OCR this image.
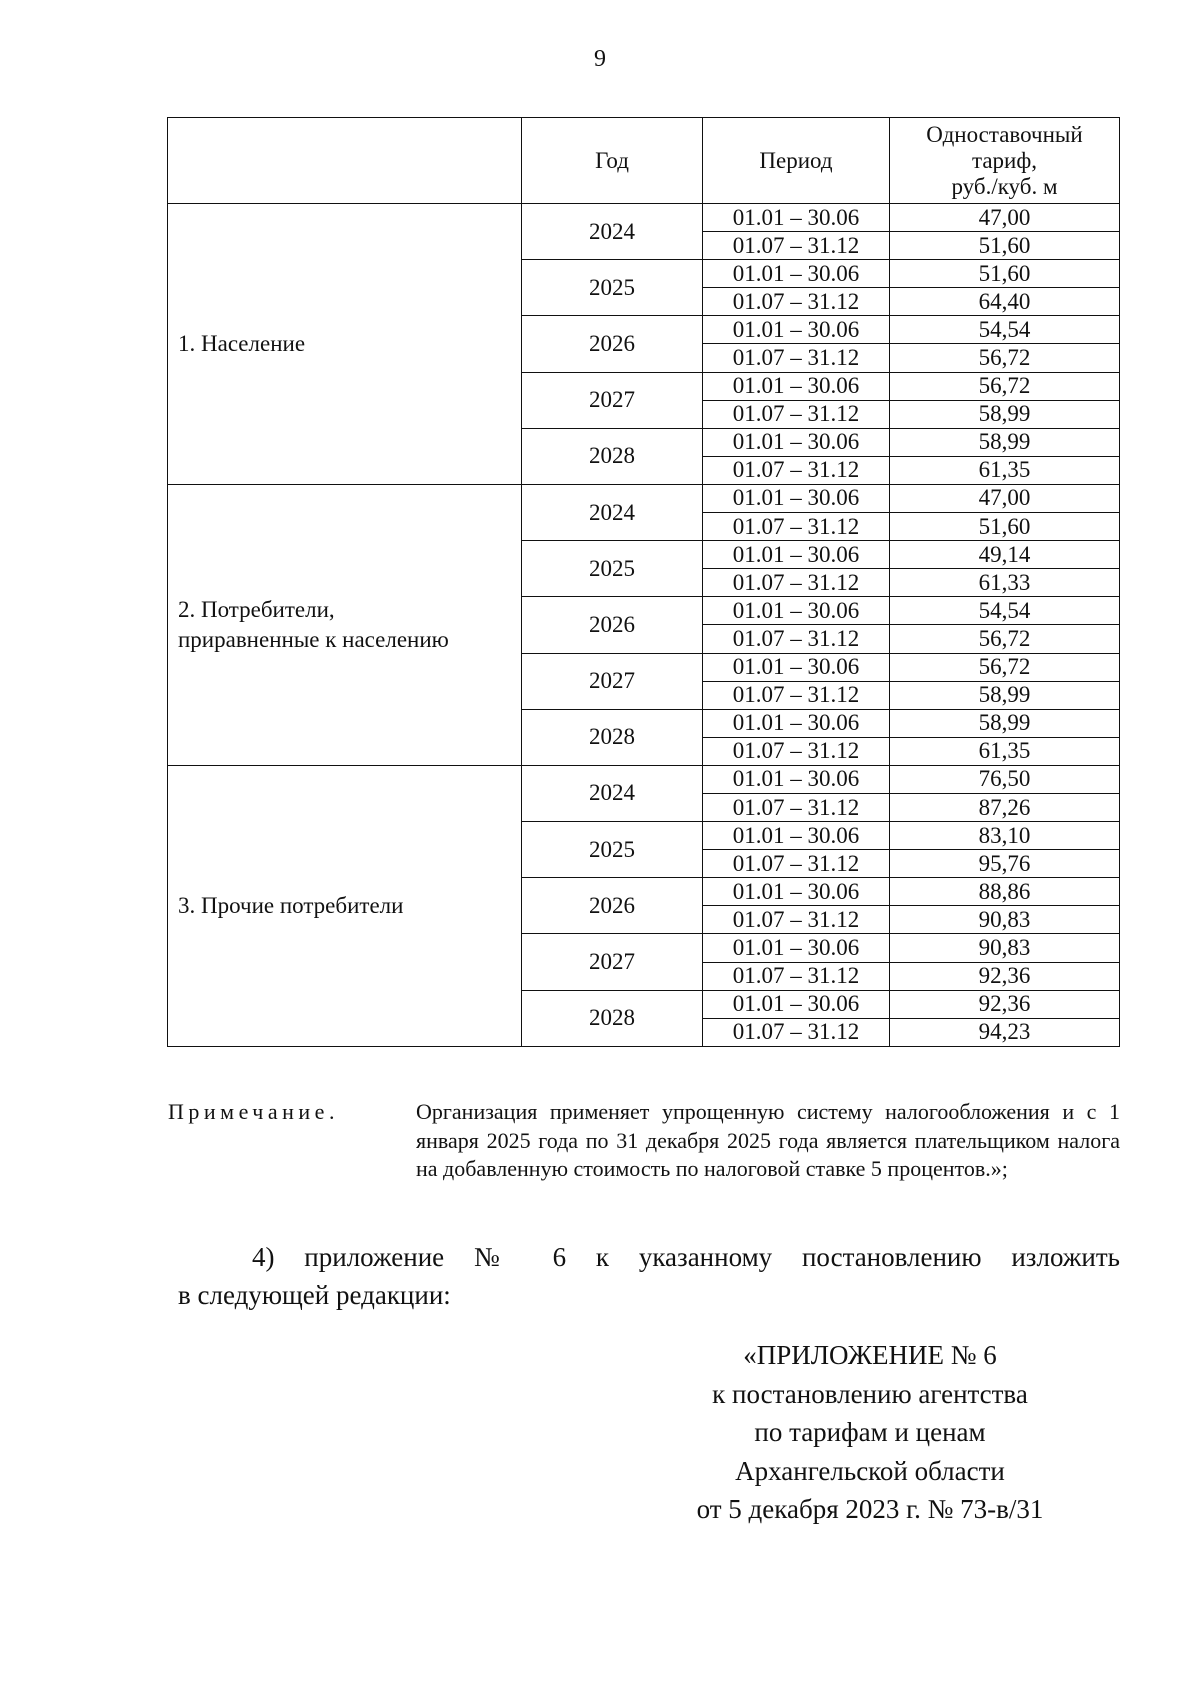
9
	Год	Период	Одноставочный
тариф,
руб./куб. м

1. Население	2024	01.01 – 30.06	47,00
		01.07 – 31.12	51,60
	2025	01.01 – 30.06	51,60
		01.07 – 31.12	64,40
	2026	01.01 – 30.06	54,54
		01.07 – 31.12	56,72
	2027	01.01 – 30.06	56,72
		01.07 – 31.12	58,99
	2028	01.01 – 30.06	58,99
		01.07 – 31.12	61,35

2. Потребители,
приравненные к населению	2024	01.01 – 30.06	47,00
		01.07 – 31.12	51,60
	2025	01.01 – 30.06	49,14
		01.07 – 31.12	61,33
	2026	01.01 – 30.06	54,54
		01.07 – 31.12	56,72
	2027	01.01 – 30.06	56,72
		01.07 – 31.12	58,99
	2028	01.01 – 30.06	58,99
		01.07 – 31.12	61,35

3. Прочие потребители	2024	01.01 – 30.06	76,50
		01.07 – 31.12	87,26
	2025	01.01 – 30.06	83,10
		01.07 – 31.12	95,76
	2026	01.01 – 30.06	88,86
		01.07 – 31.12	90,83
	2027	01.01 – 30.06	90,83
		01.07 – 31.12	92,36
	2028	01.01 – 30.06	92,36
		01.07 – 31.12	94,23
Примечание.	Организация применяет упрощенную систему налогообложения и с 1 января 2025 года по 31 декабря 2025 года является плательщиком налога на добавленную стоимость по налоговой ставке 5 процентов.»;
4) приложение № 6 к указанному постановлению изложить
в следующей редакции:
«ПРИЛОЖЕНИЕ № 6
к постановлению агентства
по тарифам и ценам
Архангельской области
от 5 декабря 2023 г. № 73-в/31
